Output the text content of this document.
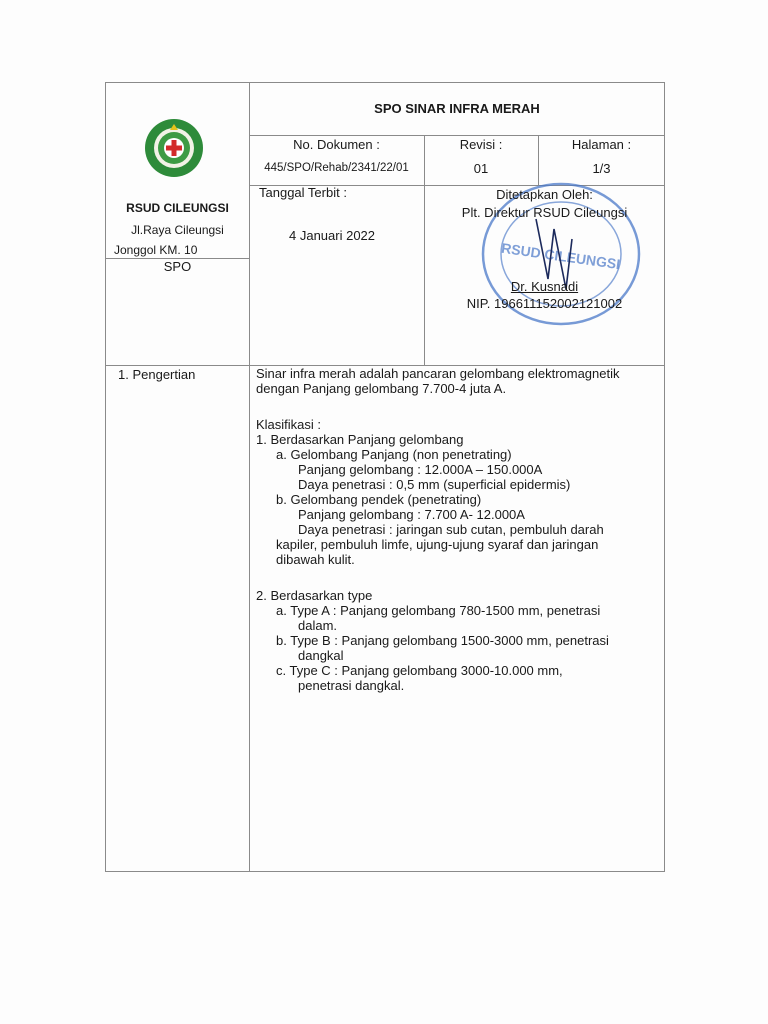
RSUD CILEUNGSI
Jl.Raya Cileungsi
Jonggol KM. 10
SPO
SPO SINAR INFRA MERAH
No. Dokumen :
445/SPO/Rehab/2341/22/01
Revisi :
01
Halaman :
1/3
Tanggal Terbit :
4 Januari 2022
RSUD CILEUNGSI
Ditetapkan Oleh:
Plt. Direktur RSUD Cileungsi
Dr. Kusnadi
NIP. 196611152002121002
1. Pengertian	Sinar infra merah adalah pancaran gelombang elektromagnetik
dengan Panjang gelombang 7.700-4 juta A.
Klasifikasi :
1. Berdasarkan Panjang gelombang
a. Gelombang Panjang (non penetrating)
Panjang gelombang : 12.000A – 150.000A
Daya penetrasi : 0,5 mm (superficial epidermis)
b. Gelombang pendek (penetrating)
Panjang gelombang : 7.700 A- 12.000A
Daya penetrasi : jaringan sub cutan, pembuluh darah
kapiler, pembuluh limfe, ujung-ujung syaraf dan jaringan
dibawah kulit.
2. Berdasarkan type
a. Type A : Panjang gelombang 780-1500 mm, penetrasi
dalam.
b. Type B : Panjang gelombang 1500-3000 mm, penetrasi
dangkal
c. Type C : Panjang gelombang 3000-10.000 mm,
penetrasi dangkal.
